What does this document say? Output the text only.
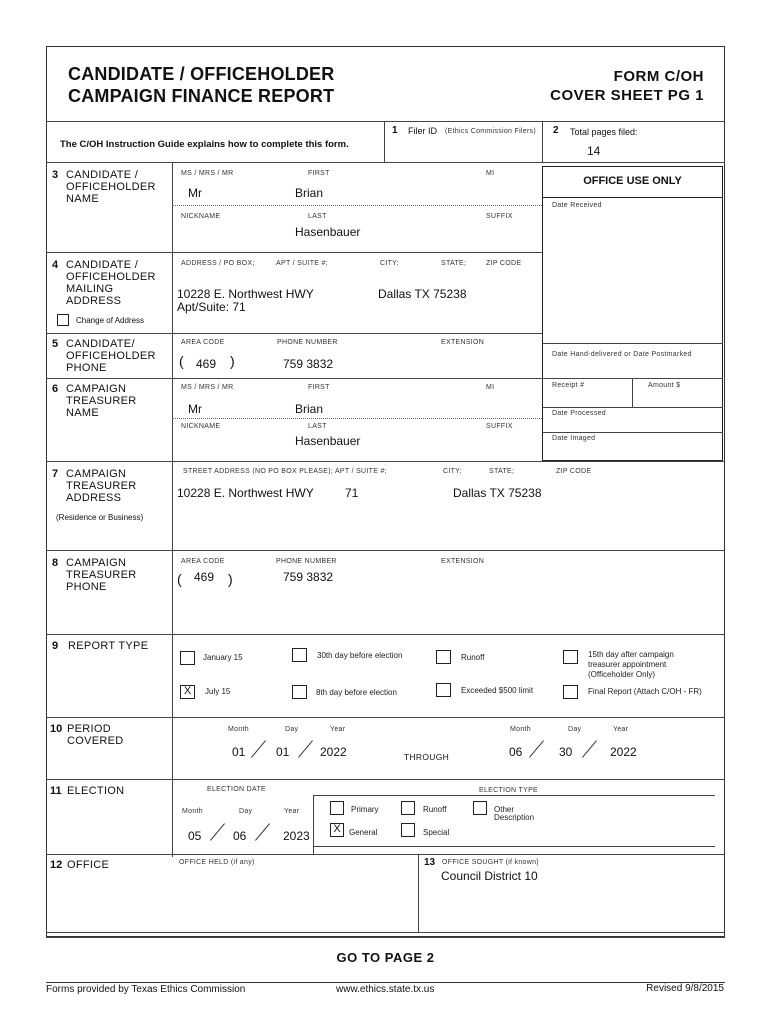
CANDIDATE / OFFICEHOLDER
CAMPAIGN FINANCE REPORT
FORM C/OH
COVER SHEET PG 1
The C/OH Instruction Guide explains how to complete this form.
1 Filer ID (Ethics Commission Filers) 2 Total pages filed:
14
OFFICE USE ONLY
Date Received
Date Hand-delivered or Date Postmarked
Receipt #	Amount $
Date Processed
Date Imaged
3 CANDIDATE /
OFFICEHOLDER
NAME
MS / MRS / MR	FIRST	MI
Mr	Brian
NICKNAME	LAST	SUFFIX
Hasenbauer
4 CANDIDATE /
OFFICEHOLDER
MAILING
ADDRESS
Change of Address
ADDRESS / PO BOX;	APT / SUITE #;	CITY;	STATE;	ZIP CODE
10228 E. Northwest HWY	Dallas TX 75238
Apt/Suite: 71
5 CANDIDATE/
OFFICEHOLDER
PHONE
AREA CODE	PHONE NUMBER	EXTENSION
( 469 )	759 3832
6 CAMPAIGN
TREASURER
NAME
MS / MRS / MR	FIRST	MI
Mr	Brian
NICKNAME	LAST	SUFFIX
Hasenbauer
7 CAMPAIGN
TREASURER
ADDRESS
(Residence or Business)
STREET ADDRESS (NO PO BOX PLEASE); APT / SUITE #;	CITY;	STATE;	ZIP CODE
10228 E. Northwest HWY	71	Dallas TX 75238
8 CAMPAIGN
TREASURER
PHONE
AREA CODE	PHONE NUMBER	EXTENSION
( 469 )	759 3832
9 REPORT TYPE
January 15	30th day before election	Runoff	15th day after campaign
treasurer appointment
(Officeholder Only)
X	July 15	8th day before election	Exceeded $500 limit	Final Report (Attach C/OH - FR)
10 PERIOD
COVERED
Month	Day	Year
01	01	2022	THROUGH
Month	Day	Year
06	30	2022
11 ELECTION	ELECTION DATE	ELECTION TYPE
Month	Day	Year
05	06	2023
Primary	Runoff	Other
Description
X	General	Special
12 OFFICE	OFFICE HELD (if any)	13 OFFICE SOUGHT (if known)
Council District 10
GO TO PAGE 2
Forms provided by Texas Ethics Commission	www.ethics.state.tx.us	Revised 9/8/2015
